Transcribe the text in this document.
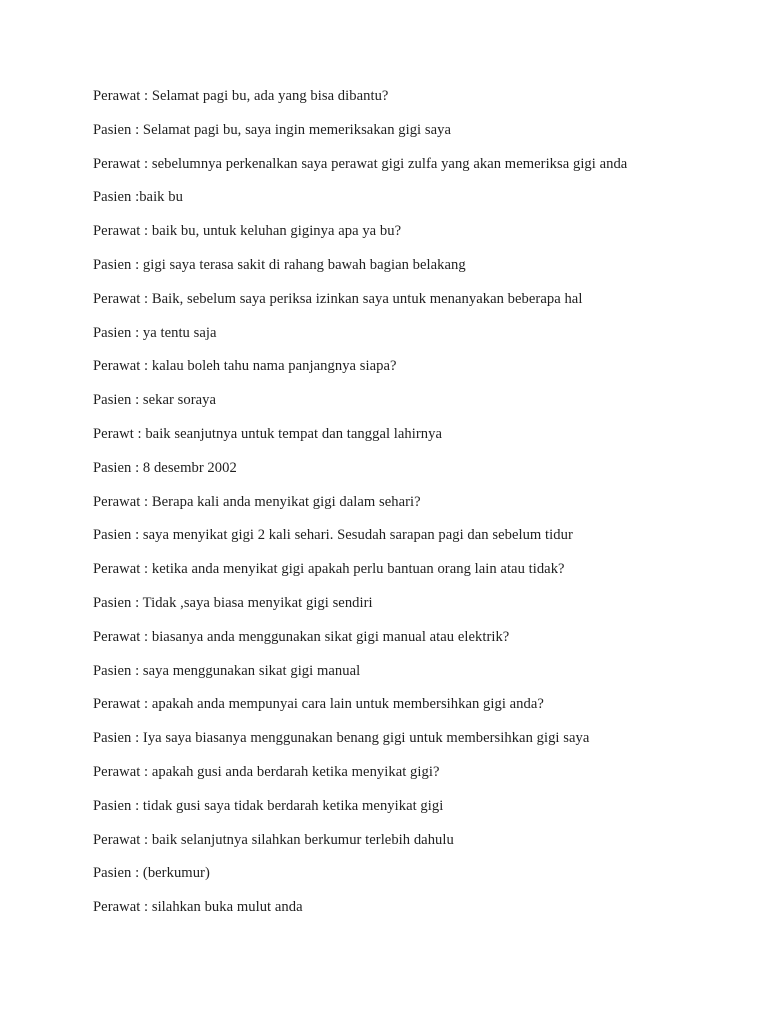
Perawat : Selamat pagi bu, ada yang bisa dibantu?

Pasien : Selamat pagi bu, saya ingin memeriksakan gigi saya

Perawat : sebelumnya perkenalkan saya perawat gigi zulfa yang akan memeriksa gigi anda

Pasien :baik bu

Perawat : baik bu, untuk keluhan giginya apa ya bu?

Pasien : gigi saya terasa sakit di rahang bawah bagian belakang

Perawat : Baik, sebelum saya periksa izinkan saya untuk menanyakan beberapa hal

Pasien : ya tentu saja

Perawat : kalau boleh tahu nama panjangnya siapa?

Pasien : sekar soraya

Perawt : baik seanjutnya untuk tempat dan tanggal lahirnya

Pasien : 8 desembr 2002

Perawat : Berapa kali anda menyikat gigi dalam sehari?

Pasien : saya menyikat gigi 2 kali sehari. Sesudah sarapan pagi dan sebelum tidur

Perawat : ketika anda menyikat gigi apakah perlu bantuan orang lain atau tidak?

Pasien : Tidak ,saya biasa menyikat gigi sendiri

Perawat : biasanya anda menggunakan sikat gigi manual atau elektrik?

Pasien : saya menggunakan sikat gigi manual

Perawat : apakah anda mempunyai cara lain untuk membersihkan gigi anda?

Pasien : Iya saya biasanya menggunakan benang gigi untuk membersihkan gigi saya

Perawat : apakah gusi anda berdarah ketika menyikat gigi?

Pasien : tidak gusi saya tidak berdarah ketika menyikat gigi

Perawat : baik selanjutnya silahkan berkumur terlebih dahulu

Pasien : (berkumur)

Perawat : silahkan buka mulut anda
